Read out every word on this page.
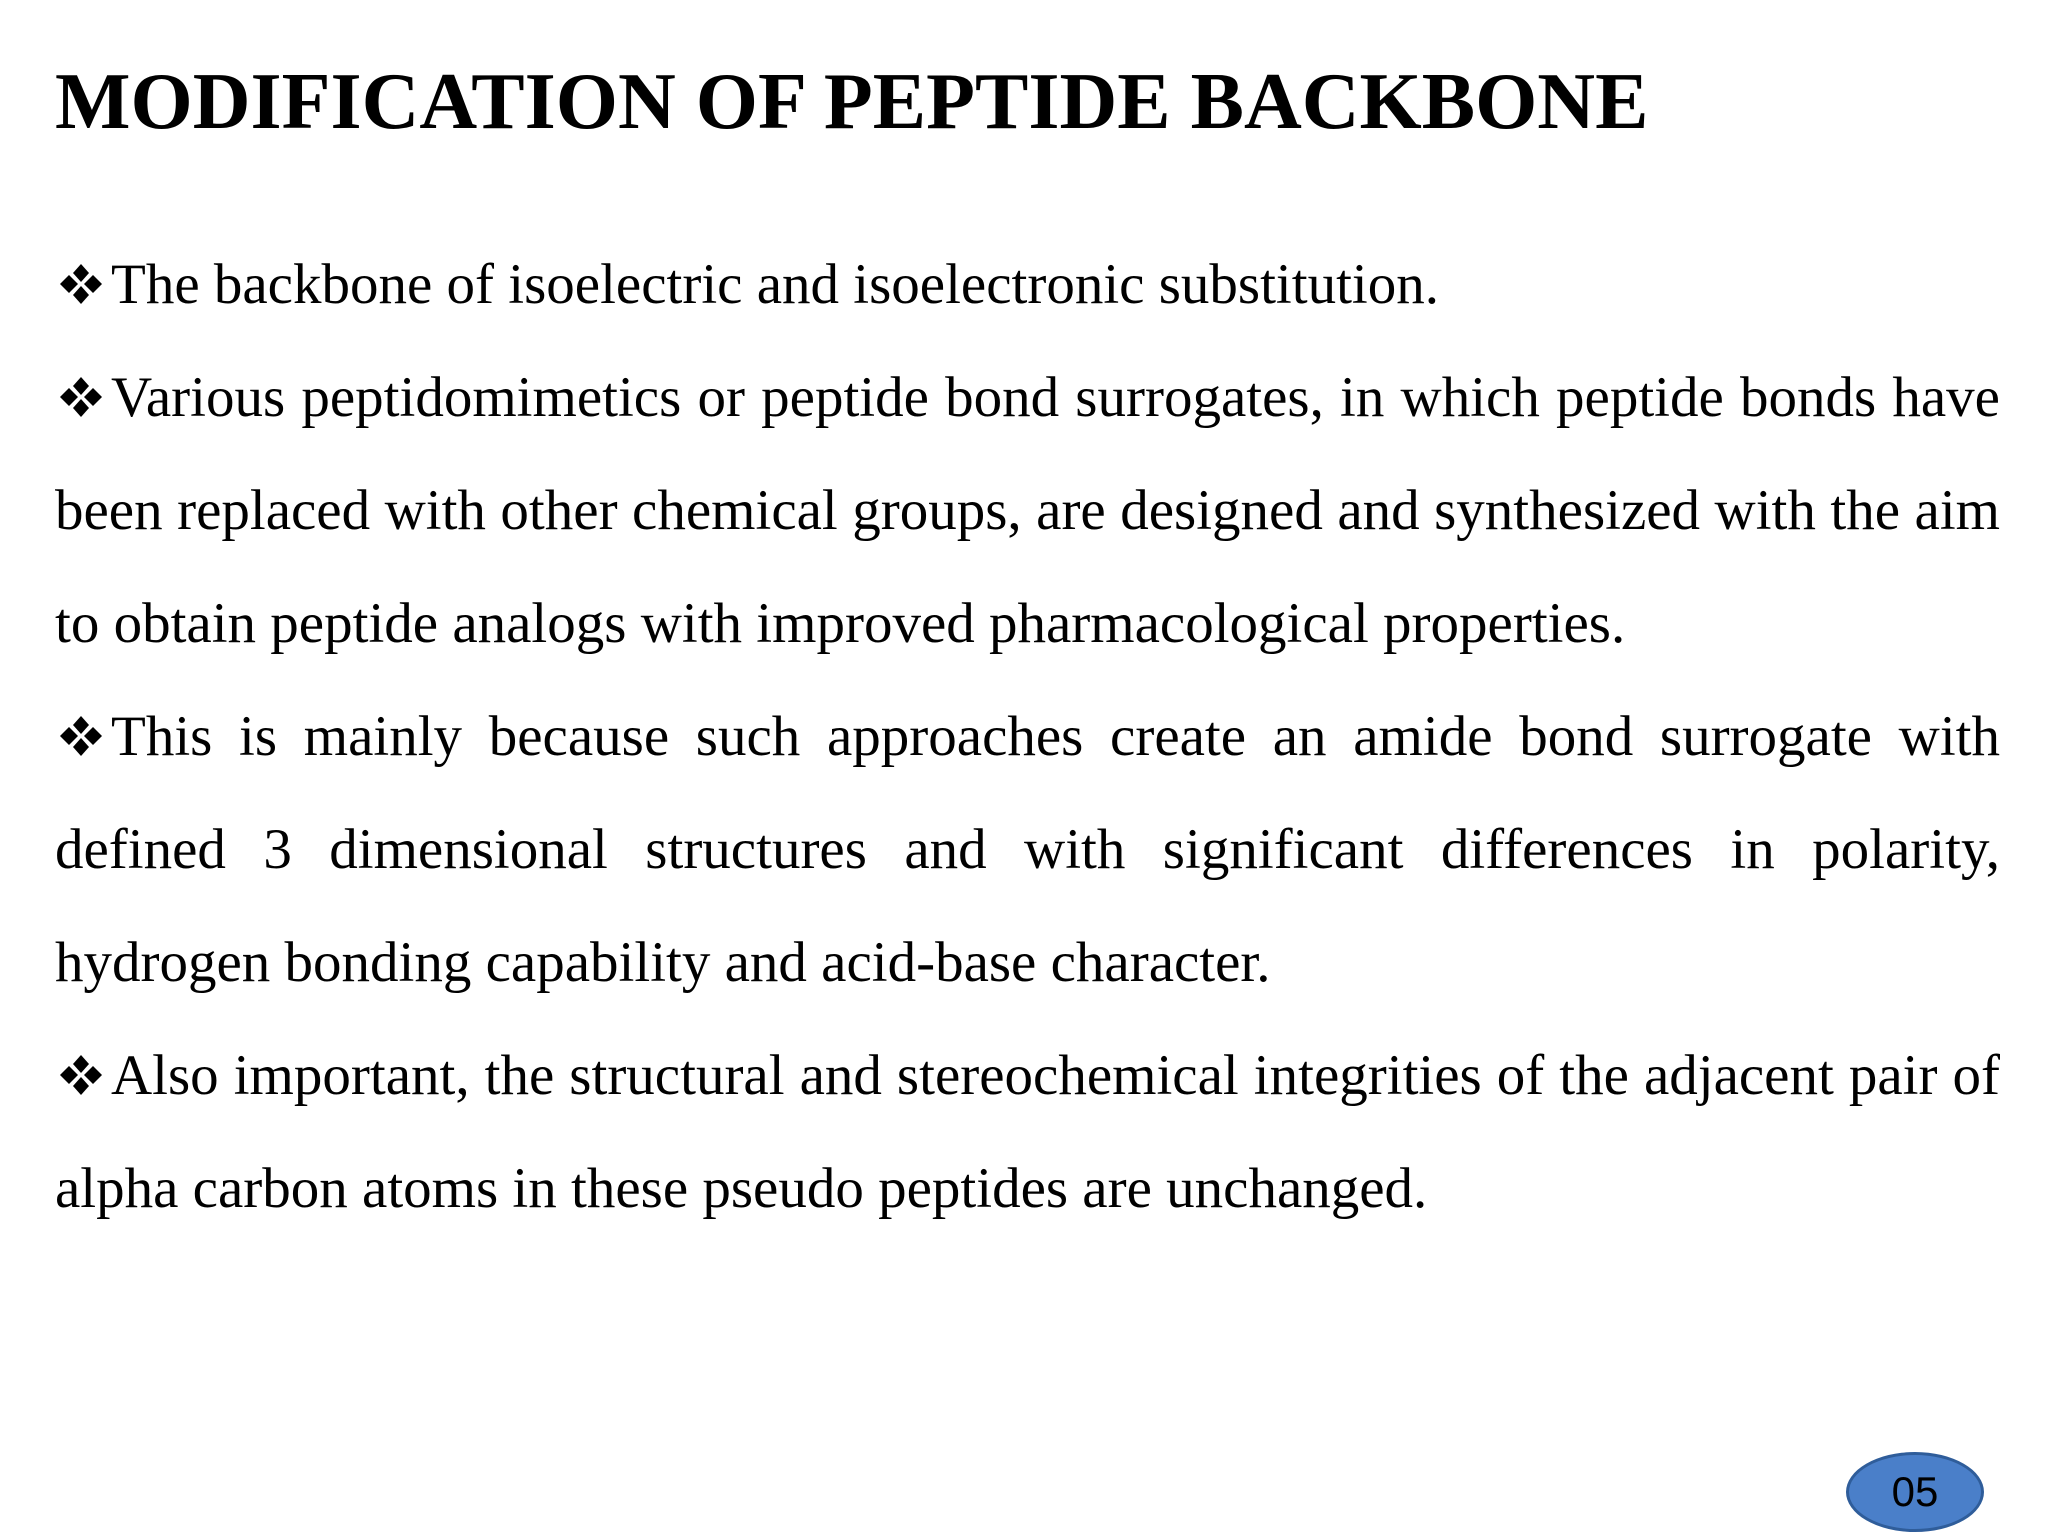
MODIFICATION OF PEPTIDE BACKBONE

The backbone of isoelectric and isoelectronic substitution.

Various peptidomimetics or peptide bond surrogates, in which peptide bonds have been replaced with other chemical groups, are designed and synthesized with the aim to obtain peptide analogs with improved pharmacological properties.

This is mainly because such approaches create an amide bond surrogate with defined 3 dimensional structures and with significant differences in polarity, hydrogen bonding capability and acid-base character.

Also important, the structural and stereochemical integrities of the adjacent pair of alpha carbon atoms in these pseudo peptides are unchanged.

05
